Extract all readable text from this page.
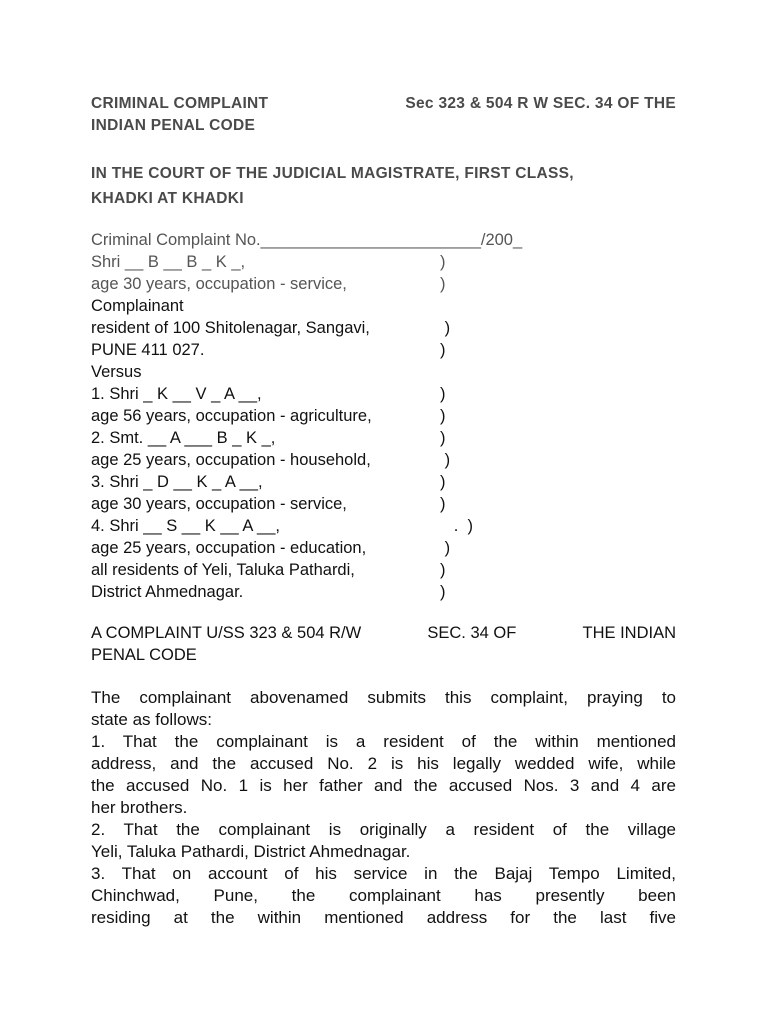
CRIMINAL COMPLAINT	Sec 323 & 504 R W SEC. 34 OF THE
INDIAN PENAL CODE
IN THE COURT OF THE JUDICIAL MAGISTRATE, FIRST CLASS,
KHADKI AT KHADKI
Criminal Complaint No.________________________/200_
Shri __ B __ B _ K _,	)
age 30 years, occupation - service,	)
Complainant
resident of 100 Shitolenagar, Sangavi,	)
PUNE 411 027.	)
Versus
1. Shri _ K __ V _ A __,	)
age 56 years, occupation - agriculture,	)
2. Smt. __ A ___ B _ K _,	)
age 25 years, occupation - household,	)
3. Shri _ D __ K _ A __,	)
age 30 years, occupation - service,	)
4. Shri __ S __ K __ A __,	.  )
age 25 years, occupation - education,	)
all residents of Yeli, Taluka Pathardi,	)
District Ahmednagar.	)
A COMPLAINT U/SS 323 & 504 R/W	SEC. 34 OF	THE INDIAN
PENAL CODE
The complainant abovenamed submits this complaint, praying to
state as follows:
1. That the complainant is a resident of the within mentioned
address, and the accused No. 2 is his legally wedded wife, while
the accused No. 1 is her father and the accused Nos. 3 and 4 are
her brothers.
2. That the complainant is originally a resident of the village
Yeli, Taluka Pathardi, District Ahmednagar.
3. That on account of his service in the Bajaj Tempo Limited,
Chinchwad, Pune, the complainant has presently been
residing at the within mentioned address for the last five
